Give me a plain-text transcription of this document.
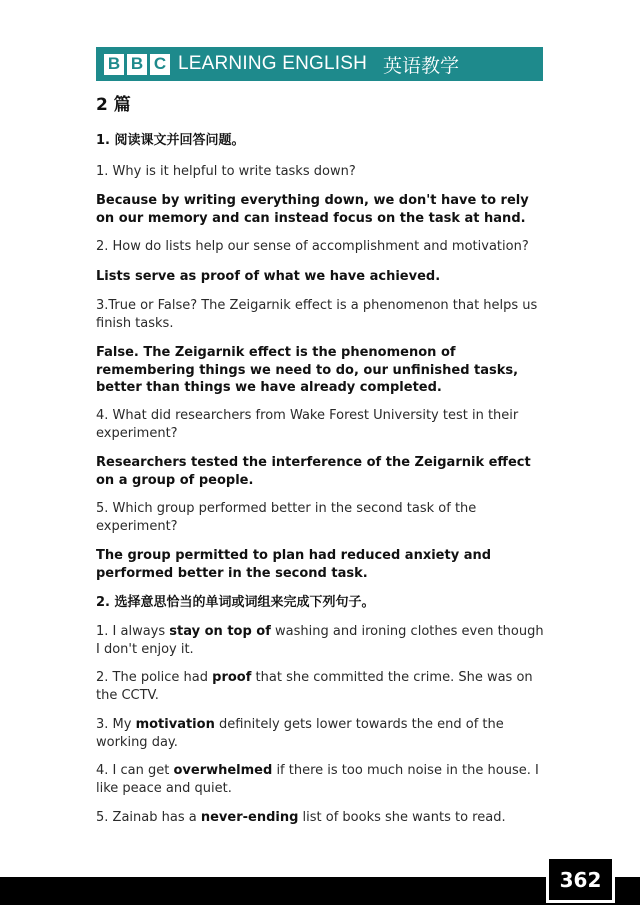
B B C LEARNING ENGLISH 英语教学
2 篇

1. 阅读课文并回答问题。

1. Why is it helpful to write tasks down?

Because by writing everything down, we don't have to rely on our memory and can instead focus on the task at hand.

2. How do lists help our sense of accomplishment and motivation?

Lists serve as proof of what we have achieved.

3.True or False? The Zeigarnik effect is a phenomenon that helps us finish tasks.

False. The Zeigarnik effect is the phenomenon of remembering things we need to do, our unfinished tasks, better than things we have already completed.

4. What did researchers from Wake Forest University test in their experiment?

Researchers tested the interference of the Zeigarnik effect on a group of people.

5. Which group performed better in the second task of the experiment?

The group permitted to plan had reduced anxiety and performed better in the second task.

2. 选择意思恰当的单词或词组来完成下列句子。

1. I always stay on top of washing and ironing clothes even though I don't enjoy it.

2. The police had proof that she committed the crime. She was on the CCTV.

3. My motivation definitely gets lower towards the end of the working day.

4. I can get overwhelmed if there is too much noise in the house. I like peace and quiet.

5. Zainab has a never-ending list of books she wants to read.

362
